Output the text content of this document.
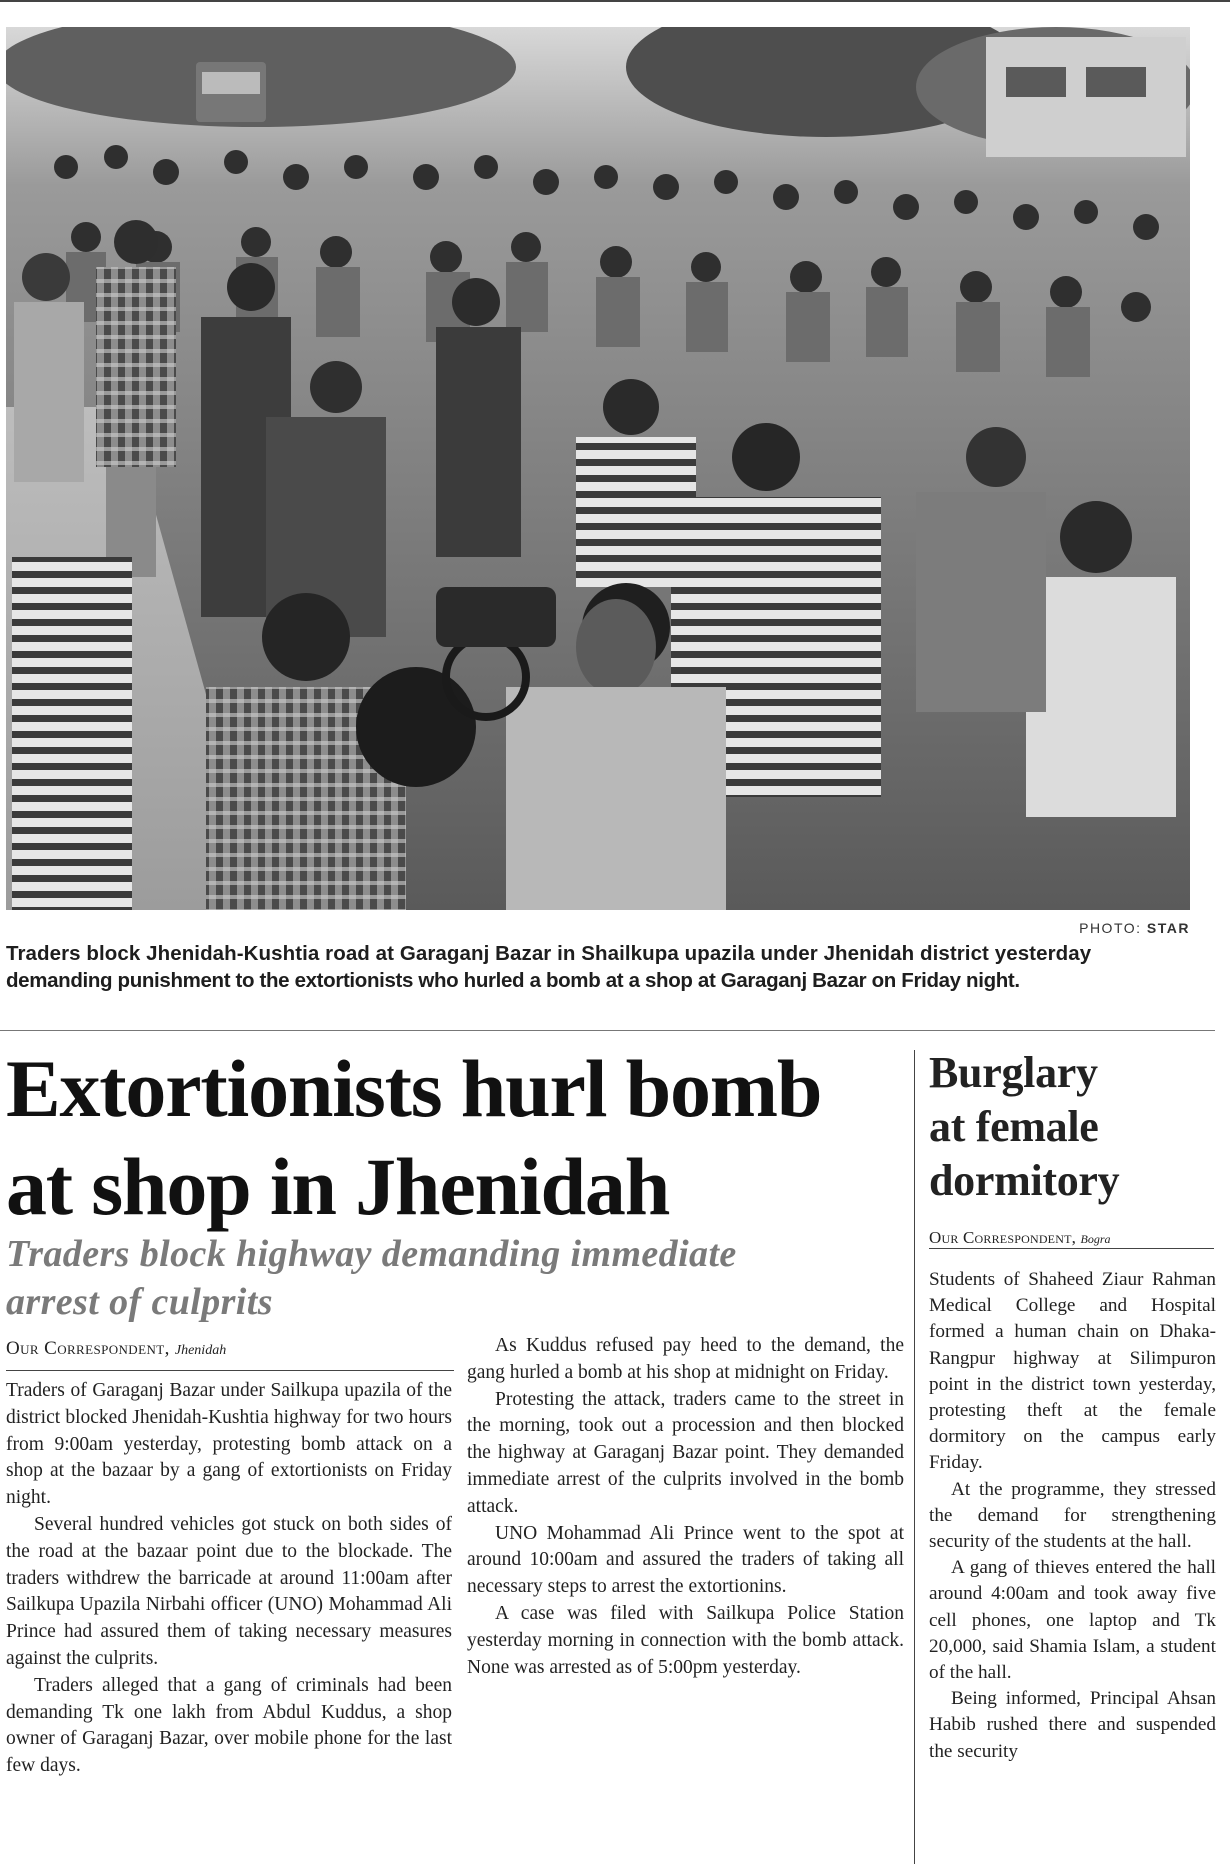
PHOTO: STAR
Traders block Jhenidah-Kushtia road at Garaganj Bazar in Shailkupa upazila under Jhenidah district yesterday
demanding punishment to the extortionists who hurled a bomb at a shop at Garaganj Bazar on Friday night.
Extortionists hurl bomb
at shop in Jhenidah
Traders block highway demanding immediate
arrest of culprits
Our Correspondent, Jhenidah

Traders of Garaganj Bazar under Sailkupa upazila of the district blocked Jhenidah-Kushtia highway for two hours from 9:00am yesterday, protesting bomb attack on a shop at the bazaar by a gang of extortionists on Friday night.

Several hundred vehicles got stuck on both sides of the road at the bazaar point due to the blockade. The traders withdrew the barricade at around 11:00am after Sailkupa Upazila Nirbahi officer (UNO) Mohammad Ali Prince had assured them of taking necessary measures against the culprits.

Traders alleged that a gang of criminals had been demanding Tk one lakh from Abdul Kuddus, a shop owner of Garaganj Bazar, over mobile phone for the last few days.

As Kuddus refused pay heed to the demand, the gang hurled a bomb at his shop at midnight on Friday.

Protesting the attack, traders came to the street in the morning, took out a procession and then blocked the highway at Garaganj Bazar point. They demanded immediate arrest of the culprits involved in the bomb attack.

UNO Mohammad Ali Prince went to the spot at around 10:00am and assured the traders of taking all necessary steps to arrest the extortionins.

A case was filed with Sailkupa Police Station yesterday morning in connection with the bomb attack. None was arrested as of 5:00pm yesterday.

Burglary
at female
dormitory
Our Correspondent, Bogra

Students of Shaheed Ziaur Rahman Medical College and Hospital formed a human chain on Dhaka-Rangpur highway at Silimpuron point in the district town yesterday, protesting theft at the female dormitory on the campus early Friday.

At the programme, they stressed the demand for strengthening security of the students at the hall.

A gang of thieves entered the hall around 4:00am and took away five cell phones, one laptop and Tk 20,000, said Shamia Islam, a student of the hall.

Being informed, Principal Ahsan Habib rushed there and suspended the security
